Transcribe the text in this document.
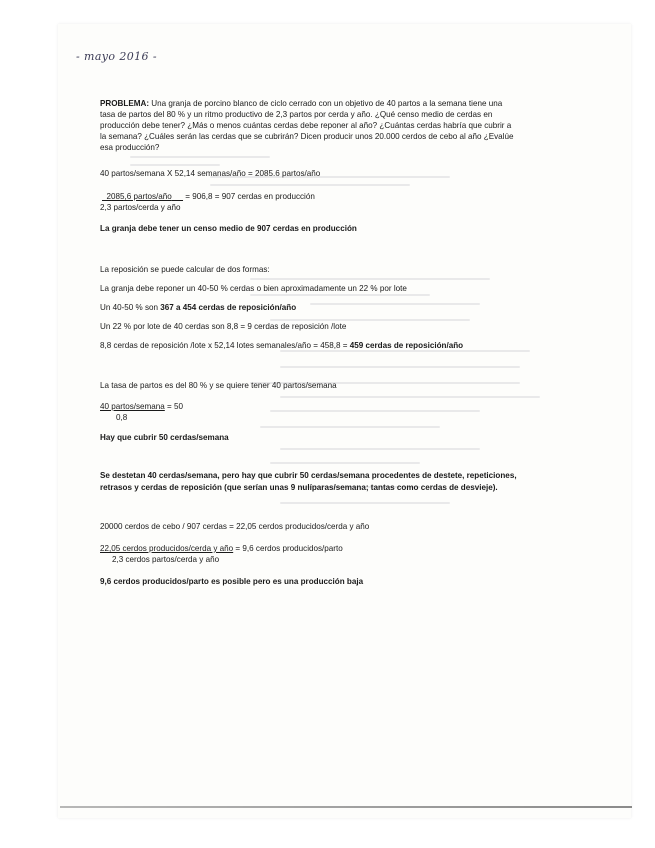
- mayo 2016 -
PROBLEMA: Una granja de porcino blanco de ciclo cerrado con un objetivo de 40 partos a la semana tiene una
tasa de partos del 80 % y un ritmo productivo de 2,3 partos por cerda y año. ¿Qué censo medio de cerdas en
producción debe tener? ¿Más o menos cuántas cerdas debe reponer al año? ¿Cuántas cerdas habría que cubrir a
la semana? ¿Cuáles serán las cerdas que se cubrirán? Dicen producir unos 20.000 cerdos de cebo al año ¿Evalúe
esa producción?
40 partos/semana X 52,14 semanas/año = 2085.6 partos/año
2085,6 partos/año = 906,8 = 907 cerdas en producción
2,3 partos/cerda y año
La granja debe tener un censo medio de 907 cerdas en producción
La reposición se puede calcular de dos formas:
La granja debe reponer un 40-50 % cerdas o bien aproximadamente un 22 % por lote
Un 40-50 % son 367 a 454 cerdas de reposición/año
Un 22 % por lote de 40 cerdas son 8,8 = 9 cerdas de reposición /lote
8,8 cerdas de reposición /lote x 52,14 lotes semanales/año = 458,8 = 459 cerdas de reposición/año
La tasa de partos es del 80 % y se quiere tener 40 partos/semana
40 partos/semana = 50
0,8
Hay que cubrir 50 cerdas/semana
Se destetan 40 cerdas/semana, pero hay que cubrir 50 cerdas/semana procedentes de destete, repeticiones,
retrasos y cerdas de reposición (que serían unas 9 nulíparas/semana; tantas como cerdas de desvieje).
20000 cerdos de cebo / 907 cerdas = 22,05 cerdos producidos/cerda y año
22,05 cerdos producidos/cerda y año = 9,6 cerdos producidos/parto
2,3 cerdos partos/cerda y año
9,6 cerdos producidos/parto es posible pero es una producción baja
